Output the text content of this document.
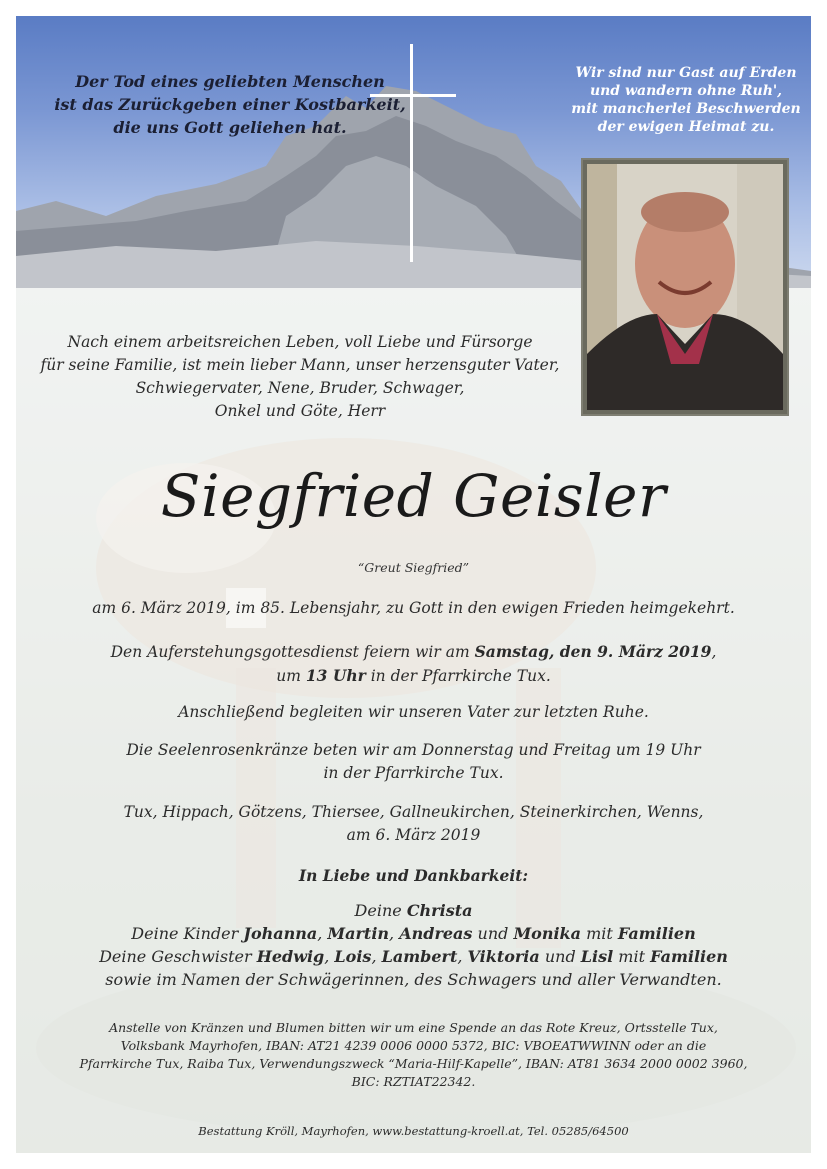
Der Tod eines geliebten Menschen
ist das Zurückgeben einer Kostbarkeit,
die uns Gott geliehen hat.
Wir sind nur Gast auf Erden
und wandern ohne Ruh',
mit mancherlei Beschwerden
der ewigen Heimat zu.
Nach einem arbeitsreichen Leben, voll Liebe und Fürsorge
für seine Familie, ist mein lieber Mann, unser herzensguter Vater,
Schwiegervater, Nene, Bruder, Schwager,
Onkel und Göte, Herr
Siegfried Geisler
“Greut Siegfried”
am 6. März 2019, im 85. Lebensjahr, zu Gott in den ewigen Frieden heimgekehrt.
Den Auferstehungsgottesdienst feiern wir am Samstag, den 9. März 2019,
um 13 Uhr in der Pfarrkirche Tux.
Anschließend begleiten wir unseren Vater zur letzten Ruhe.
Die Seelenrosenkränze beten wir am Donnerstag und Freitag um 19 Uhr
in der Pfarrkirche Tux.
Tux, Hippach, Götzens, Thiersee, Gallneukirchen, Steinerkirchen, Wenns,
am 6. März 2019
In Liebe und Dankbarkeit:
Deine Christa
Deine Kinder Johanna, Martin, Andreas und Monika mit Familien
Deine Geschwister Hedwig, Lois, Lambert, Viktoria und Lisl mit Familien
sowie im Namen der Schwägerinnen, des Schwagers und aller Verwandten.
Anstelle von Kränzen und Blumen bitten wir um eine Spende an das Rote Kreuz, Ortsstelle Tux,
Volksbank Mayrhofen, IBAN: AT21 4239 0006 0000 5372, BIC: VBOEATWWINN oder an die
Pfarrkirche Tux, Raiba Tux, Verwendungszweck “Maria-Hilf-Kapelle”, IBAN: AT81 3634 2000 0002 3960,
BIC: RZTIAT22342.
Bestattung Kröll, Mayrhofen, www.bestattung-kroell.at, Tel. 05285/64500
